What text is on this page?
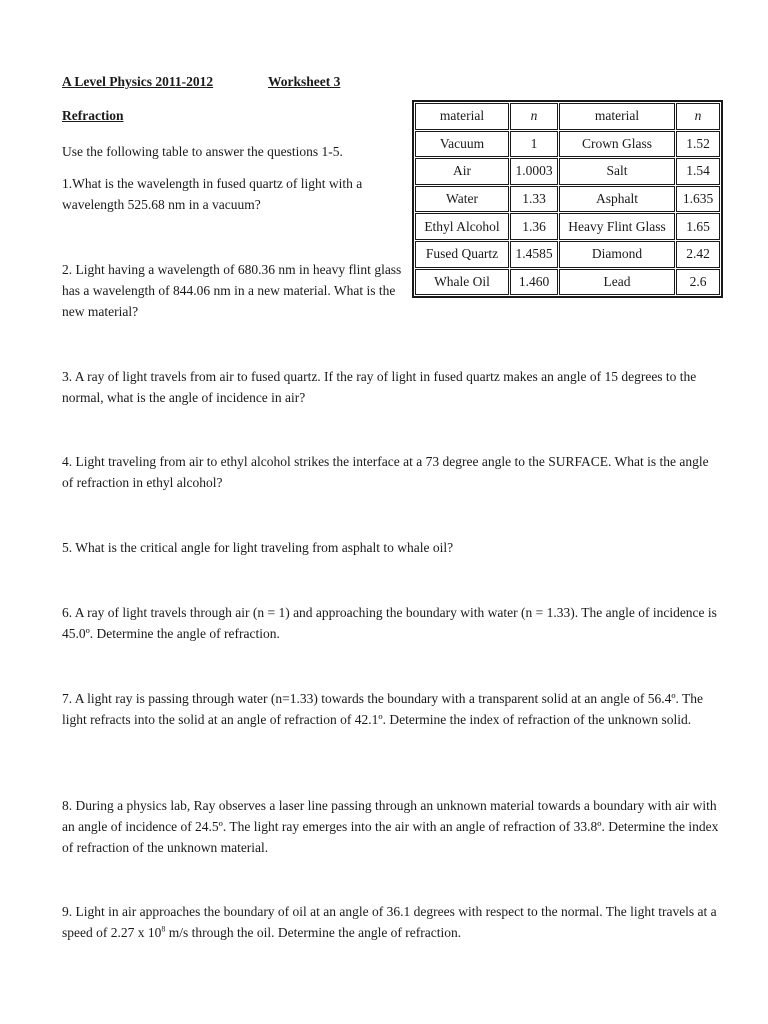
A Level Physics 2011-2012	Worksheet 3
Refraction
Use the following table to answer the questions 1-5.
material	n	material	n
Vacuum	1	Crown Glass	1.52
Air	1.0003	Salt	1.54
Water	1.33	Asphalt	1.635
Ethyl Alcohol	1.36	Heavy Flint Glass	1.65
Fused Quartz	1.4585	Diamond	2.42
Whale Oil	1.460	Lead	2.6
1.What is the wavelength in fused quartz of light with a wavelength 525.68 nm in a vacuum?
2. Light having a wavelength of 680.36 nm in heavy flint glass has a wavelength of 844.06 nm in a new material. What is the new material?
3. A ray of light travels from air to fused quartz. If the ray of light in fused quartz makes an angle of 15 degrees to the normal, what is the angle of incidence in air?
4. Light traveling from air to ethyl alcohol strikes the interface at a 73 degree angle to the SURFACE. What is the angle of refraction in ethyl alcohol?
5. What is the critical angle for light traveling from asphalt to whale oil?
6. A ray of light travels through air (n = 1) and approaching the boundary with water (n = 1.33). The angle of incidence is 45.0º. Determine the angle of refraction.
7. A light ray is passing through water (n=1.33) towards the boundary with a transparent solid at an angle of 56.4º. The light refracts into the solid at an angle of refraction of 42.1º. Determine the index of refraction of the unknown solid.
8. During a physics lab, Ray observes a laser line passing through an unknown material towards a boundary with air with an angle of incidence of 24.5º. The light ray emerges into the air with an angle of refraction of 33.8º. Determine the index of refraction of the unknown material.
9. Light in air approaches the boundary of oil at an angle of 36.1 degrees with respect to the normal. The light travels at a speed of 2.27 x $10^8$ m/s through the oil. Determine the angle of refraction.
